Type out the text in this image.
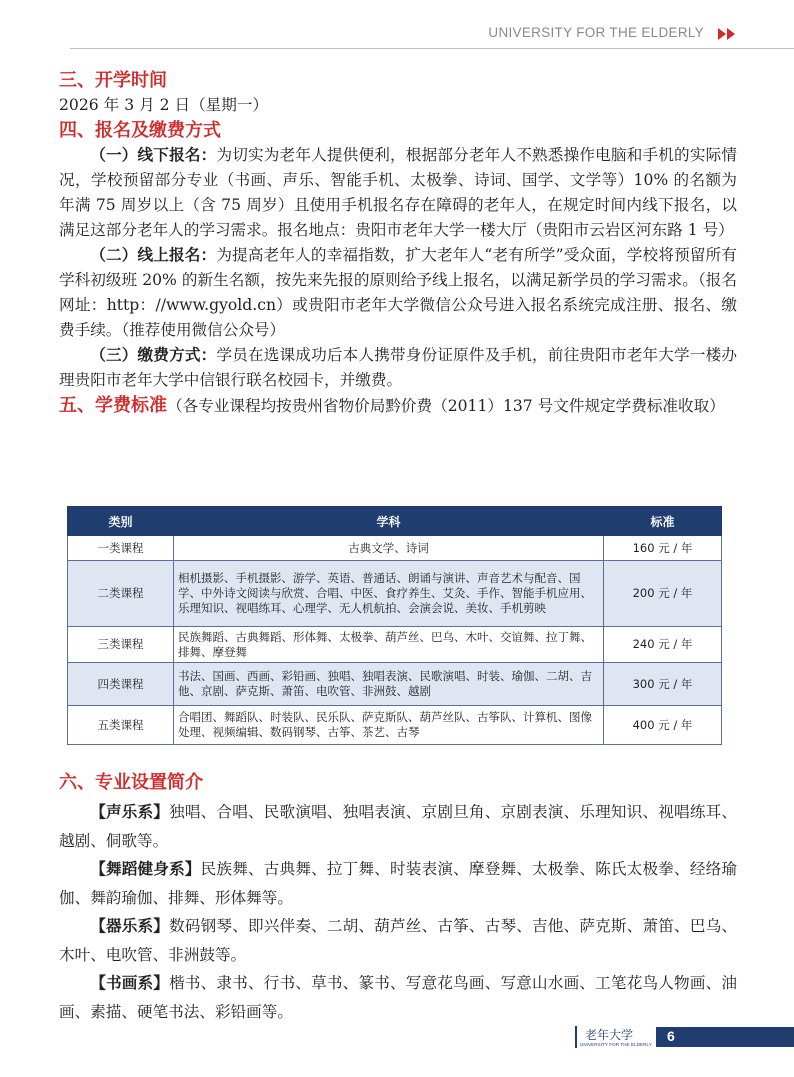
UNIVERSITY FOR THE ELDERLY
三、开学时间
2026 年 3 月 2 日（星期一）
四、报名及缴费方式
（一）线下报名：为切实为老年人提供便利，根据部分老年人不熟悉操作电脑和手机的实际情况，学校预留部分专业（书画、声乐、智能手机、太极拳、诗词、国学、文学等）10% 的名额为年满 75 周岁以上（含 75 周岁）且使用手机报名存在障碍的老年人，在规定时间内线下报名，以满足这部分老年人的学习需求。报名地点：贵阳市老年大学一楼大厅（贵阳市云岩区河东路 1 号）
（二）线上报名：为提高老年人的幸福指数，扩大老年人“老有所学”受众面，学校将预留所有学科初级班 20% 的新生名额，按先来先报的原则给予线上报名，以满足新学员的学习需求。（报名网址：http：//www.gyold.cn）或贵阳市老年大学微信公众号进入报名系统完成注册、报名、缴费手续。（推荐使用微信公众号）
（三）缴费方式：学员在选课成功后本人携带身份证原件及手机，前往贵阳市老年大学一楼办理贵阳市老年大学中信银行联名校园卡，并缴费。
五、学费标准（各专业课程均按贵州省物价局黔价费（2011）137 号文件规定学费标准收取）
类别	学科	标准
一类课程	古典文学、诗词	160 元 / 年
二类课程	相机摄影、手机摄影、游学、英语、普通话、朗诵与演讲、声音艺术与配音、国学、中外诗文阅读与欣赏、合唱、中医、食疗养生、艾灸、手作、智能手机应用、乐理知识、视唱练耳、心理学、无人机航拍、会演会说、美妆、手机剪映	200 元 / 年
三类课程	民族舞蹈、古典舞蹈、形体舞、太极拳、葫芦丝、巴乌、木叶、交谊舞、拉丁舞、排舞、摩登舞	240 元 / 年
四类课程	书法、国画、西画、彩铅画、独唱、独唱表演、民歌演唱、时装、瑜伽、二胡、吉他、京剧、萨克斯、萧笛、电吹管、非洲鼓、越剧	300 元 / 年
五类课程	合唱团、舞蹈队、时装队、民乐队、萨克斯队、葫芦丝队、古筝队、计算机、图像处理、视频编辑、数码钢琴、古筝、茶艺、古琴	400 元 / 年
六、专业设置简介
【声乐系】独唱、合唱、民歌演唱、独唱表演、京剧旦角、京剧表演、乐理知识、视唱练耳、越剧、侗歌等。
【舞蹈健身系】民族舞、古典舞、拉丁舞、时装表演、摩登舞、太极拳、陈氏太极拳、经络瑜伽、舞韵瑜伽、排舞、形体舞等。
【器乐系】数码钢琴、即兴伴奏、二胡、葫芦丝、古筝、古琴、吉他、萨克斯、萧笛、巴乌、木叶、电吹管、非洲鼓等。
【书画系】楷书、隶书、行书、草书、篆书、写意花鸟画、写意山水画、工笔花鸟人物画、油画、素描、硬笔书法、彩铅画等。
老年大学
UNIVERSITY FOR THE ELDERLY
6
